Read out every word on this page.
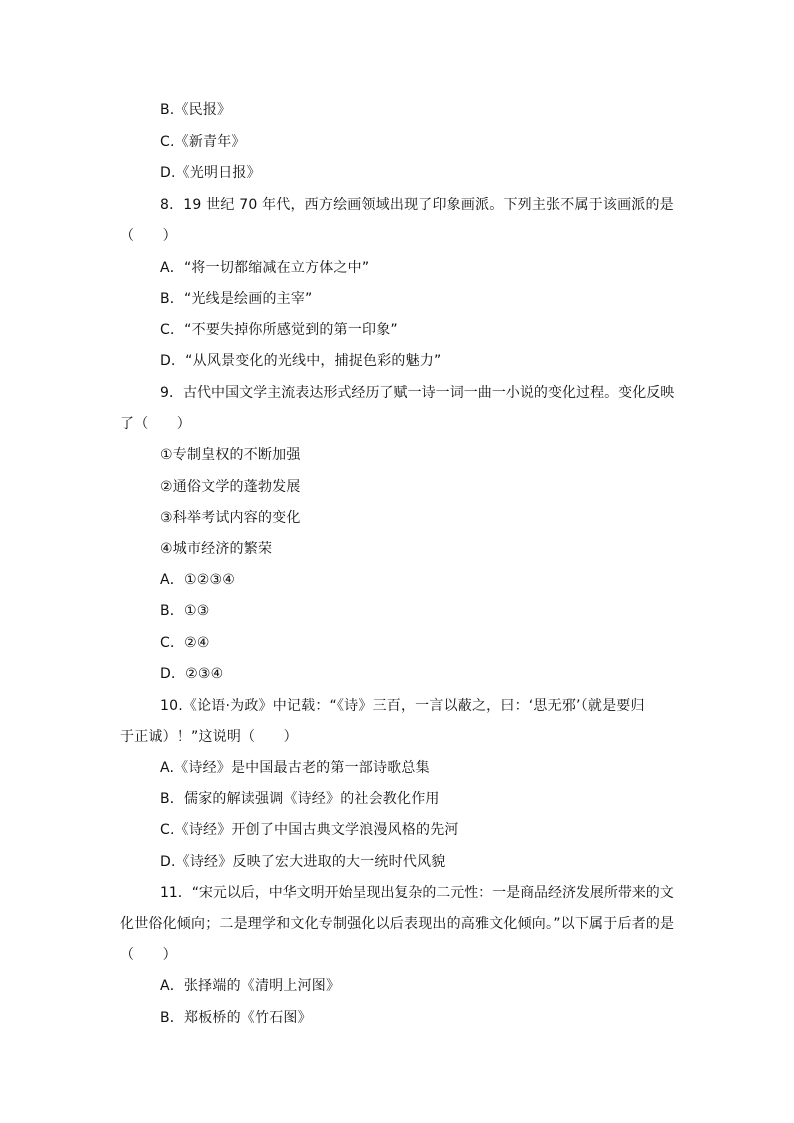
B.《民报》
C.《新青年》
D.《光明日报》
8．19 世纪 70 年代，西方绘画领域出现了印象画派。下列主张不属于该画派的是
（　　）
A．“将一切都缩减在立方体之中”
B．“光线是绘画的主宰”
C．“不要失掉你所感觉到的第一印象”
D．“从风景变化的光线中，捕捉色彩的魅力”
9．古代中国文学主流表达形式经历了赋一诗一词一曲一小说的变化过程。变化反映
了（　　）
①专制皇权的不断加强
②通俗文学的蓬勃发展
③科举考试内容的变化
④城市经济的繁荣
A．①②③④
B．①③
C．②④
D．②③④
10.《论语·为政》中记载：“《诗》三百，一言以蔽之，曰：‘思无邪’（就是要归
于正诚）！”这说明（　　）
A.《诗经》是中国最古老的第一部诗歌总集
B．儒家的解读强调《诗经》的社会教化作用
C.《诗经》开创了中国古典文学浪漫风格的先河
D.《诗经》反映了宏大进取的大一统时代风貌
11．“宋元以后，中华文明开始呈现出复杂的二元性：一是商品经济发展所带来的文
化世俗化倾向；二是理学和文化专制强化以后表现出的高雅文化倾向。”以下属于后者的是
（　　）
A．张择端的《清明上河图》
B．郑板桥的《竹石图》
